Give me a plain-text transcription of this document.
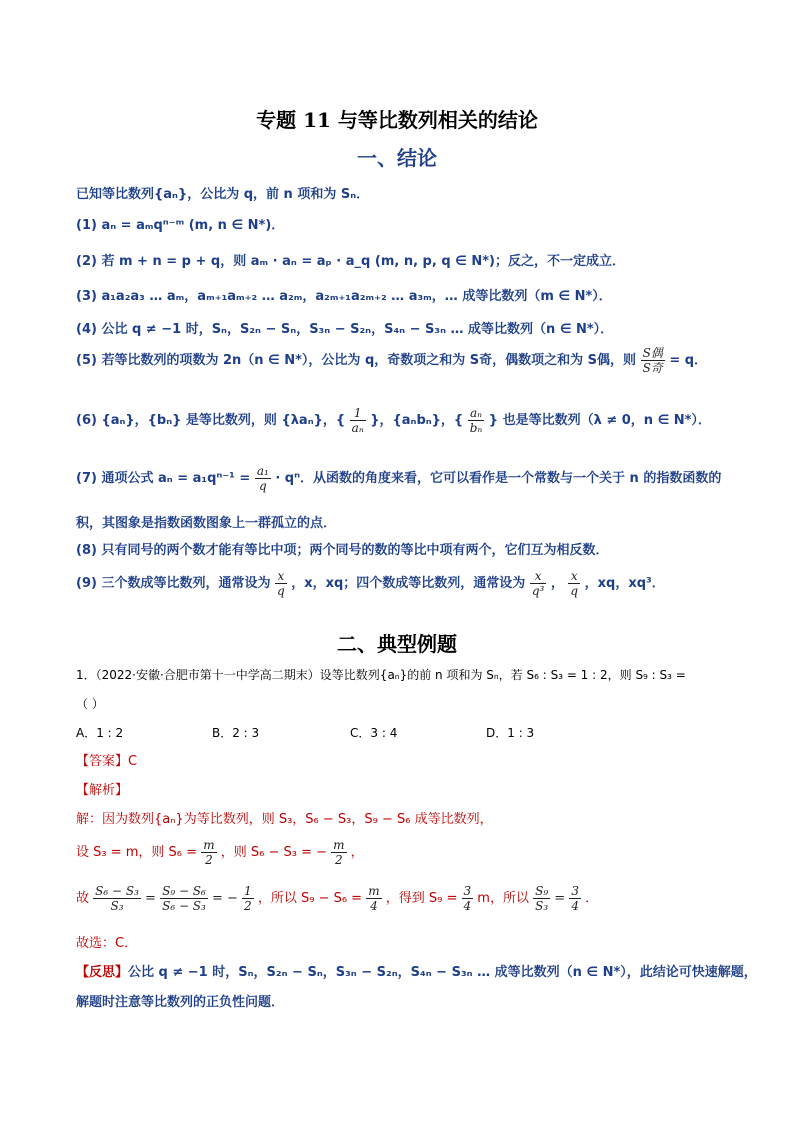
专题 11 与等比数列相关的结论
一、结论
已知等比数列{aₙ}，公比为 q，前 n 项和为 Sₙ．
(1) aₙ = aₘqⁿ⁻ᵐ (m, n ∈ N*)．
(2) 若 m + n = p + q，则 aₘ · aₙ = aₚ · a_q (m, n, p, q ∈ N*)；反之，不一定成立．
(3) a₁a₂a₃ … aₘ，aₘ₊₁aₘ₊₂ … a₂ₘ，a₂ₘ₊₁a₂ₘ₊₂ … a₃ₘ，… 成等比数列（m ∈ N*）．
(4) 公比 q ≠ −1 时，Sₙ，S₂ₙ − Sₙ，S₃ₙ − S₂ₙ，S₄ₙ − S₃ₙ … 成等比数列（n ∈ N*）．
(5) 若等比数列的项数为 2n（n ∈ N*），公比为 q，奇数项之和为 S奇，偶数项之和为 S偶，则 $\frac{\text{S偶}}{\text{S奇}} = q$．
(6) {aₙ}，{bₙ} 是等比数列，则 {λaₙ}，{ $\frac{1}{\text{aₙ}}$ }，{aₙbₙ}，{ $\frac{\text{aₙ}}{\text{bₙ}}$ } 也是等比数列（λ ≠ 0，n ∈ N*）．
(7) 通项公式 $a_n = a_1q^{n-1} = \frac{\text{a₁}}{q} \cdot q^n$．从函数的角度来看，它可以看作是一个常数与一个关于 n 的指数函数的
积，其图象是指数函数图象上一群孤立的点．
(8) 只有同号的两个数才能有等比中项；两个同号的数的等比中项有两个，它们互为相反数．
(9) 三个数成等比数列，通常设为 $\frac{x}{q}$ ，x，xq；四个数成等比数列，通常设为 $\frac{x}{\text{q³}}$ ， $\frac{x}{q}$ ，xq，xq³．
二、典型例题
1．（2022·安徽·合肥市第十一中学高二期末）设等比数列{aₙ}的前 n 项和为 Sₙ，若 S₆ : S₃ = 1 : 2，则 S₉ : S₃ =
（ ）
A．1 : 2	B．2 : 3	C．3 : 4	D．1 : 3
【答案】C
【解析】
解：因为数列{aₙ}为等比数列，则 S₃，S₆ − S₃，S₉ − S₆ 成等比数列，
设 S₃ = m，则 $S_6 = \frac{m}{2}$ ，则 S₆ − S₃ = − $\frac{m}{2}$ ，
故 $\frac{\text{S₆ − S₃}}{\text{S₃}} = \frac{\text{S₉ − S₆}}{\text{S₆ − S₃}}$ = − $\frac{1}{2}$ ，所以 $S_9 - S_6 = \frac{m}{4}$ ，得到 $S_9 = \frac{3}{4}$ m，所以 $\frac{\text{S₉}}{\text{S₃}} = \frac{3}{4}$ ．
故选：C．
【反思】公比 q ≠ −1 时，Sₙ，S₂ₙ − Sₙ，S₃ₙ − S₂ₙ，S₄ₙ − S₃ₙ … 成等比数列（n ∈ N*），此结论可快速解题，
解题时注意等比数列的正负性问题．
